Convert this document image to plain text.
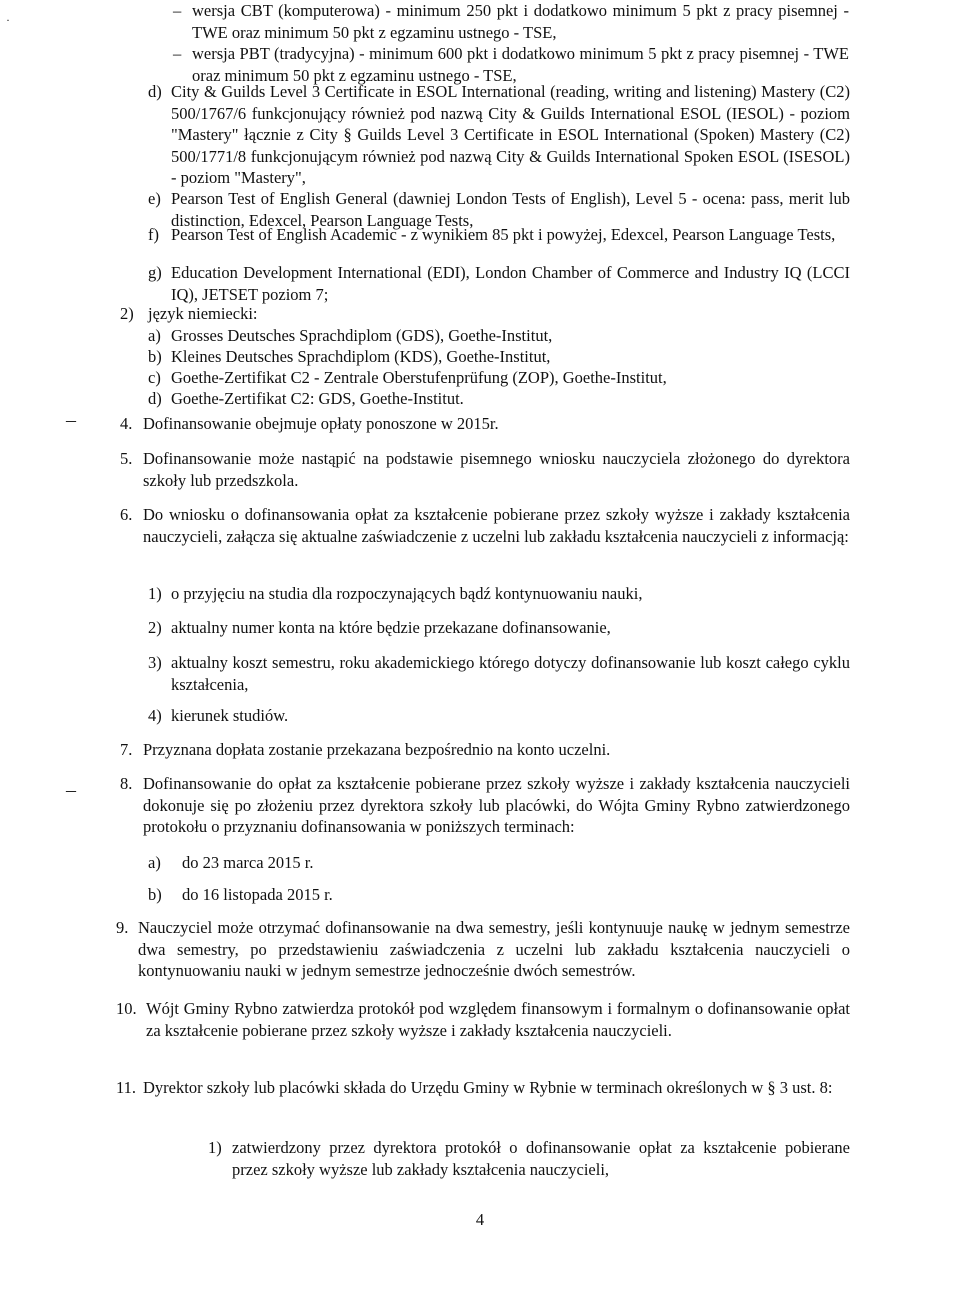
·
–
–
– wersja CBT (komputerowa) - minimum 250 pkt i dodatkowo minimum 5 pkt z pracy pisemnej - TWE oraz minimum 50 pkt z egzaminu ustnego - TSE,

– wersja PBT (tradycyjna) - minimum 600 pkt i dodatkowo minimum 5 pkt z pracy pisemnej - TWE oraz minimum 50 pkt z egzaminu ustnego - TSE,

d) City & Guilds Level 3 Certificate in ESOL International (reading, writing and listening) Mastery (C2) 500/1767/6 funkcjonujący również pod nazwą City & Guilds International ESOL (IESOL) - poziom "Mastery" łącznie z City § Guilds Level 3 Certificate in ESOL International (Spoken) Mastery (C2) 500/1771/8 funkcjonującym również pod nazwą City & Guilds International Spoken ESOL (ISESOL) - poziom "Mastery",

e) Pearson Test of English General (dawniej London Tests of English), Level 5 - ocena: pass, merit lub distinction, Edexcel, Pearson Language Tests,

f) Pearson Test of English Academic - z wynikiem 85 pkt i powyżej, Edexcel, Pearson Language Tests,

g) Education Development International (EDI), London Chamber of Commerce and Industry IQ (LCCI IQ), JETSET poziom 7;

2) język niemiecki:

a) Grosses Deutsches Sprachdiplom (GDS), Goethe-Institut,

b) Kleines Deutsches Sprachdiplom (KDS), Goethe-Institut,

c) Goethe-Zertifikat C2 - Zentrale Oberstufenprüfung (ZOP), Goethe-Institut,

d) Goethe-Zertifikat C2: GDS, Goethe-Institut.

4. Dofinansowanie obejmuje opłaty ponoszone w 2015r.

5. Dofinansowanie może nastąpić na podstawie pisemnego wniosku nauczyciela złożonego do dyrektora szkoły lub przedszkola.

6. Do wniosku o dofinansowania opłat za kształcenie pobierane przez szkoły wyższe i zakłady kształcenia nauczycieli, załącza się aktualne zaświadczenie z uczelni lub zakładu kształcenia nauczycieli z informacją:

1) o przyjęciu na studia dla rozpoczynających bądź kontynuowaniu nauki,

2) aktualny numer konta na które będzie przekazane dofinansowanie,

3) aktualny koszt semestru, roku akademickiego którego dotyczy dofinansowanie lub koszt całego cyklu kształcenia,

4) kierunek studiów.

7. Przyznana dopłata zostanie przekazana bezpośrednio na konto uczelni.

8. Dofinansowanie do opłat za kształcenie pobierane przez szkoły wyższe i zakłady kształcenia nauczycieli dokonuje się po złożeniu przez dyrektora szkoły lub placówki, do Wójta Gminy Rybno zatwierdzonego protokołu o przyznaniu dofinansowania w poniższych terminach:

a) do 23 marca 2015 r.

b) do 16 listopada 2015 r.

9. Nauczyciel może otrzymać dofinansowanie na dwa semestry, jeśli kontynuuje naukę w jednym semestrze dwa semestry, po przedstawieniu zaświadczenia z uczelni lub zakładu kształcenia nauczycieli o kontynuowaniu nauki w jednym semestrze jednocześnie dwóch semestrów.

10. Wójt Gminy Rybno zatwierdza protokół pod względem finansowym i formalnym o dofinansowanie opłat za kształcenie pobierane przez szkoły wyższe i zakłady kształcenia nauczycieli.

11. Dyrektor szkoły lub placówki składa do Urzędu Gminy w Rybnie w terminach określonych w § 3 ust. 8:

1) zatwierdzony przez dyrektora protokół o dofinansowanie opłat za kształcenie pobierane przez szkoły wyższe lub zakłady kształcenia nauczycieli,

4
